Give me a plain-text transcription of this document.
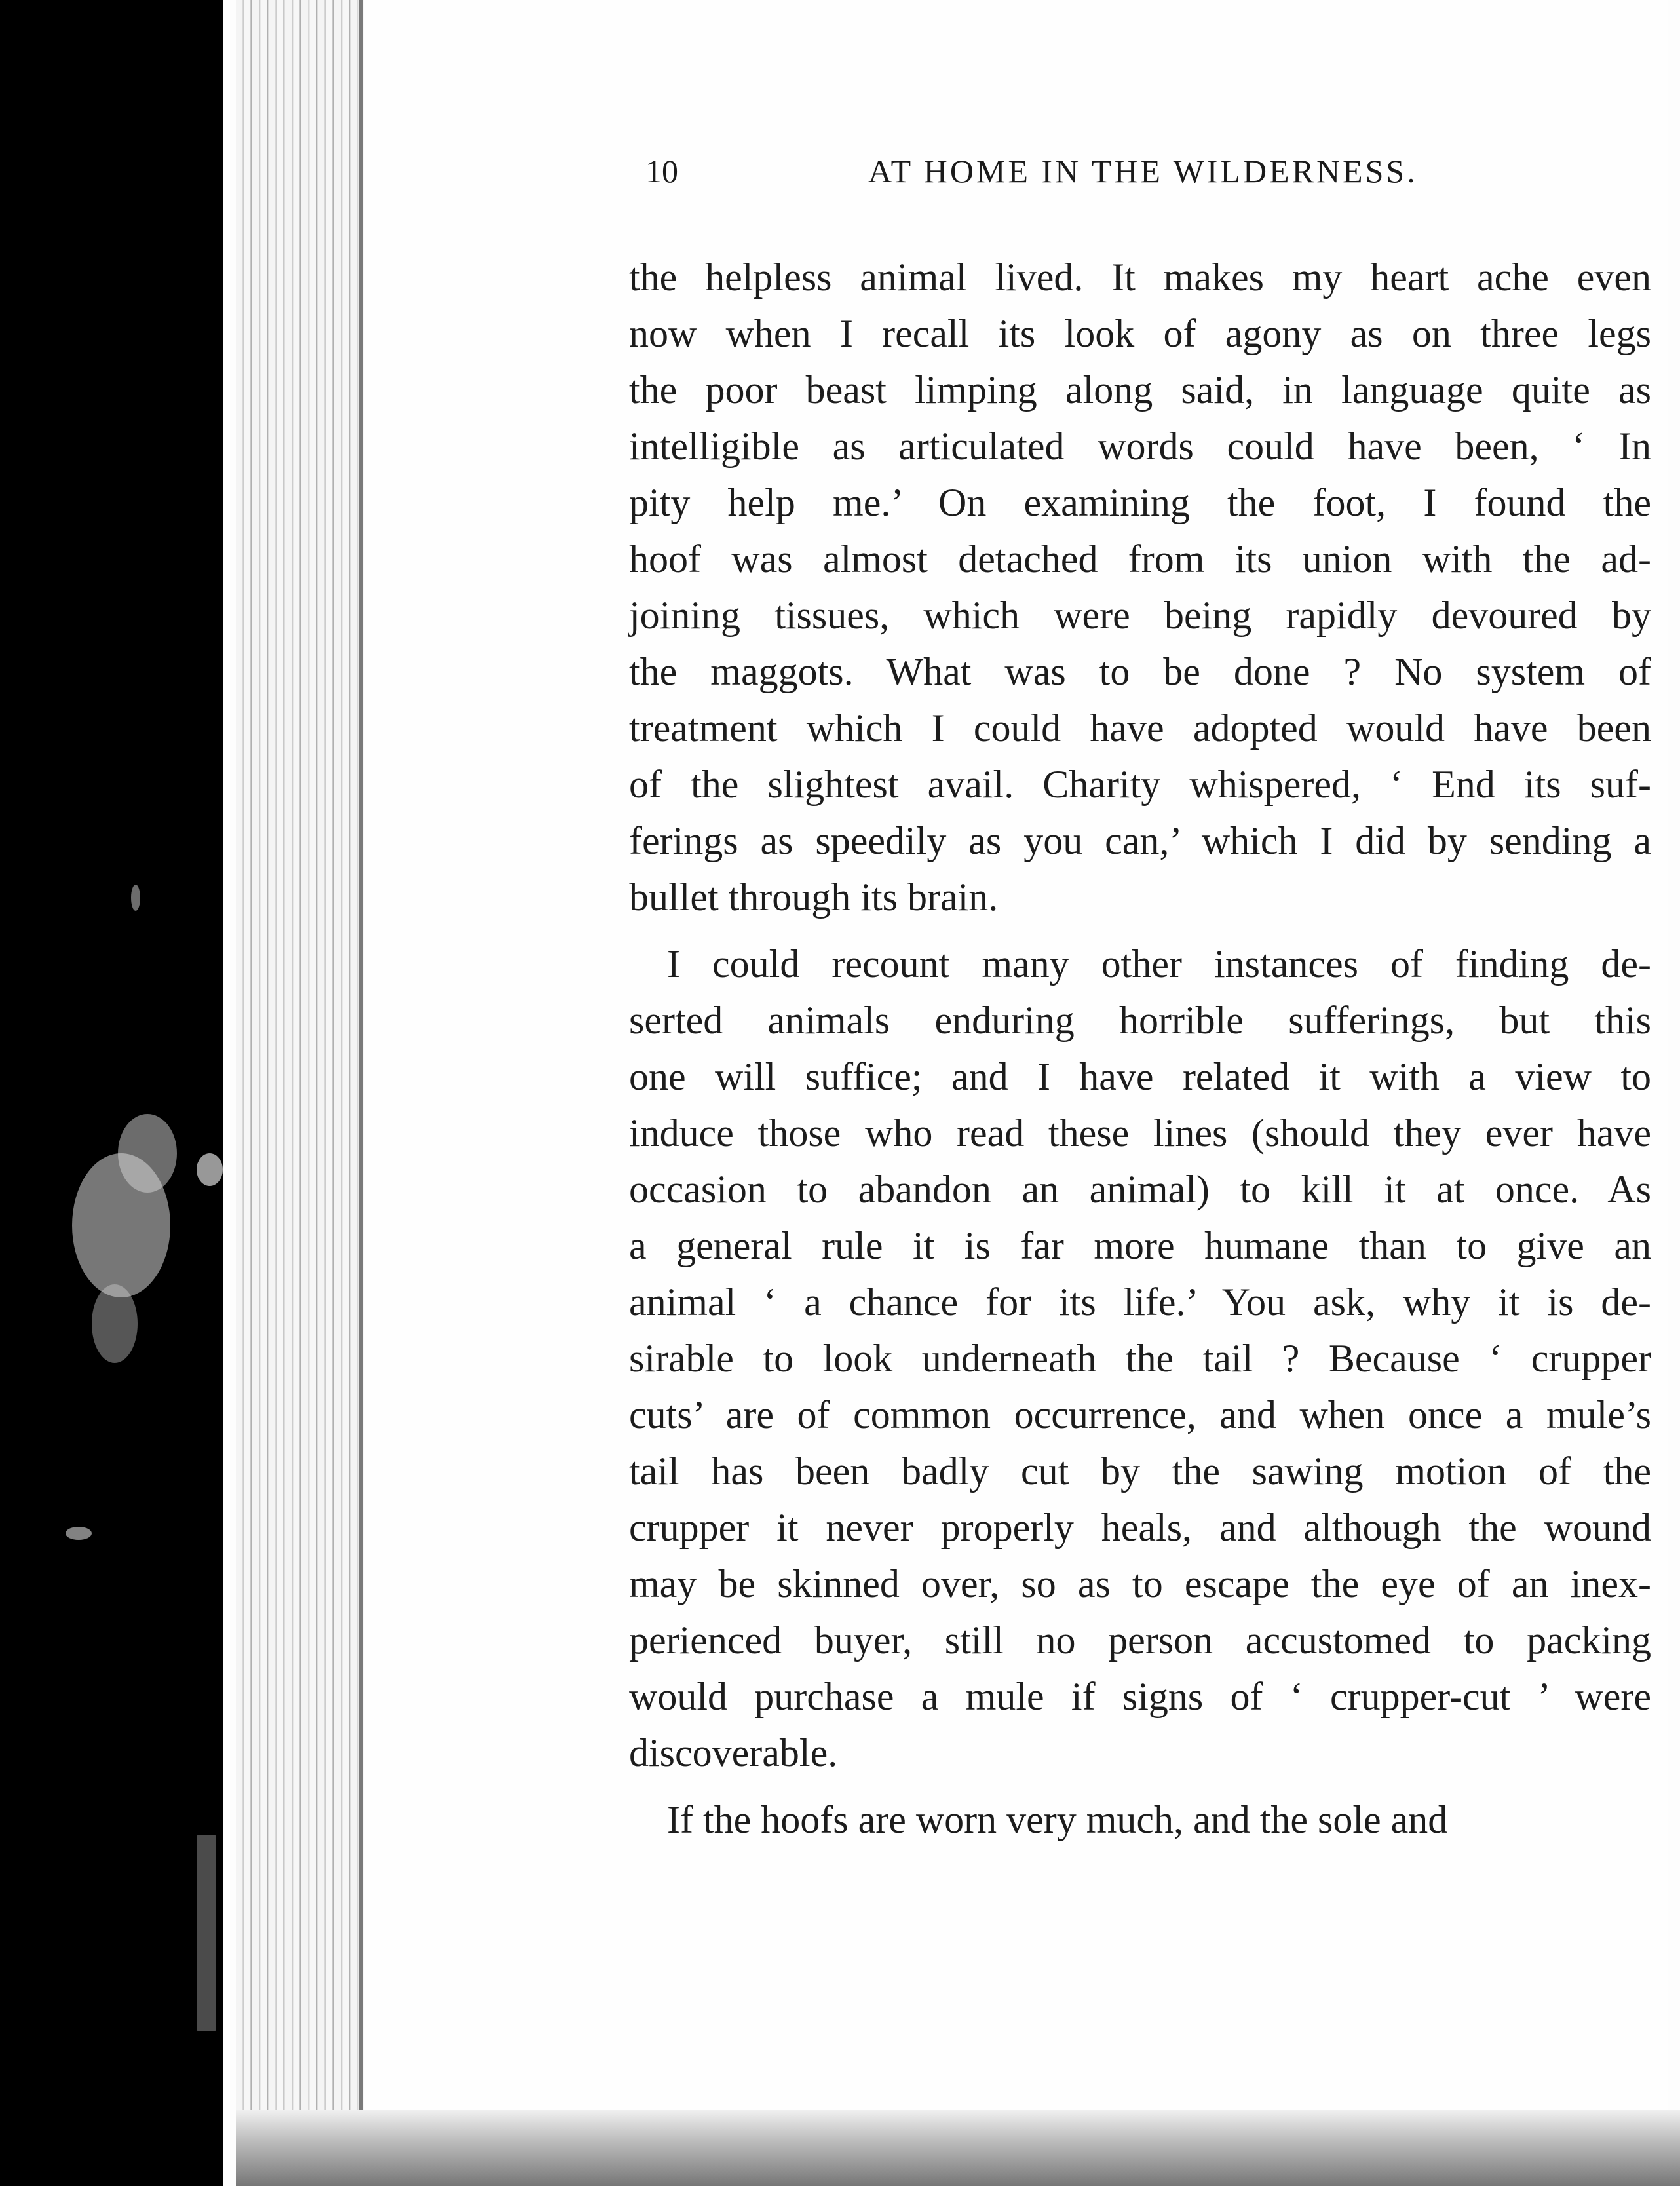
10	AT HOME IN THE WILDERNESS.
the helpless animal lived. It makes my heart ache even
now when I recall its look of agony as on three legs
the poor beast limping along said, in language quite as
intelligible as articulated words could have been, ‘ In
pity help me.’ On examining the foot, I found the
hoof was almost detached from its union with the ad-
joining tissues, which were being rapidly devoured by
the maggots. What was to be done ? No system of
treatment which I could have adopted would have been
of the slightest avail. Charity whispered, ‘ End its suf-
ferings as speedily as you can,’ which I did by sending a
bullet through its brain.
I could recount many other instances of finding de-
serted animals enduring horrible sufferings, but this
one will suffice; and I have related it with a view to
induce those who read these lines (should they ever have
occasion to abandon an animal) to kill it at once. As
a general rule it is far more humane than to give an
animal ‘ a chance for its life.’ You ask, why it is de-
sirable to look underneath the tail ? Because ‘ crupper
cuts’ are of common occurrence, and when once a mule’s
tail has been badly cut by the sawing motion of the
crupper it never properly heals, and although the wound
may be skinned over, so as to escape the eye of an inex-
perienced buyer, still no person accustomed to packing
would purchase a mule if signs of ‘ crupper-cut ’ were
discoverable.
If the hoofs are worn very much, and the sole and
